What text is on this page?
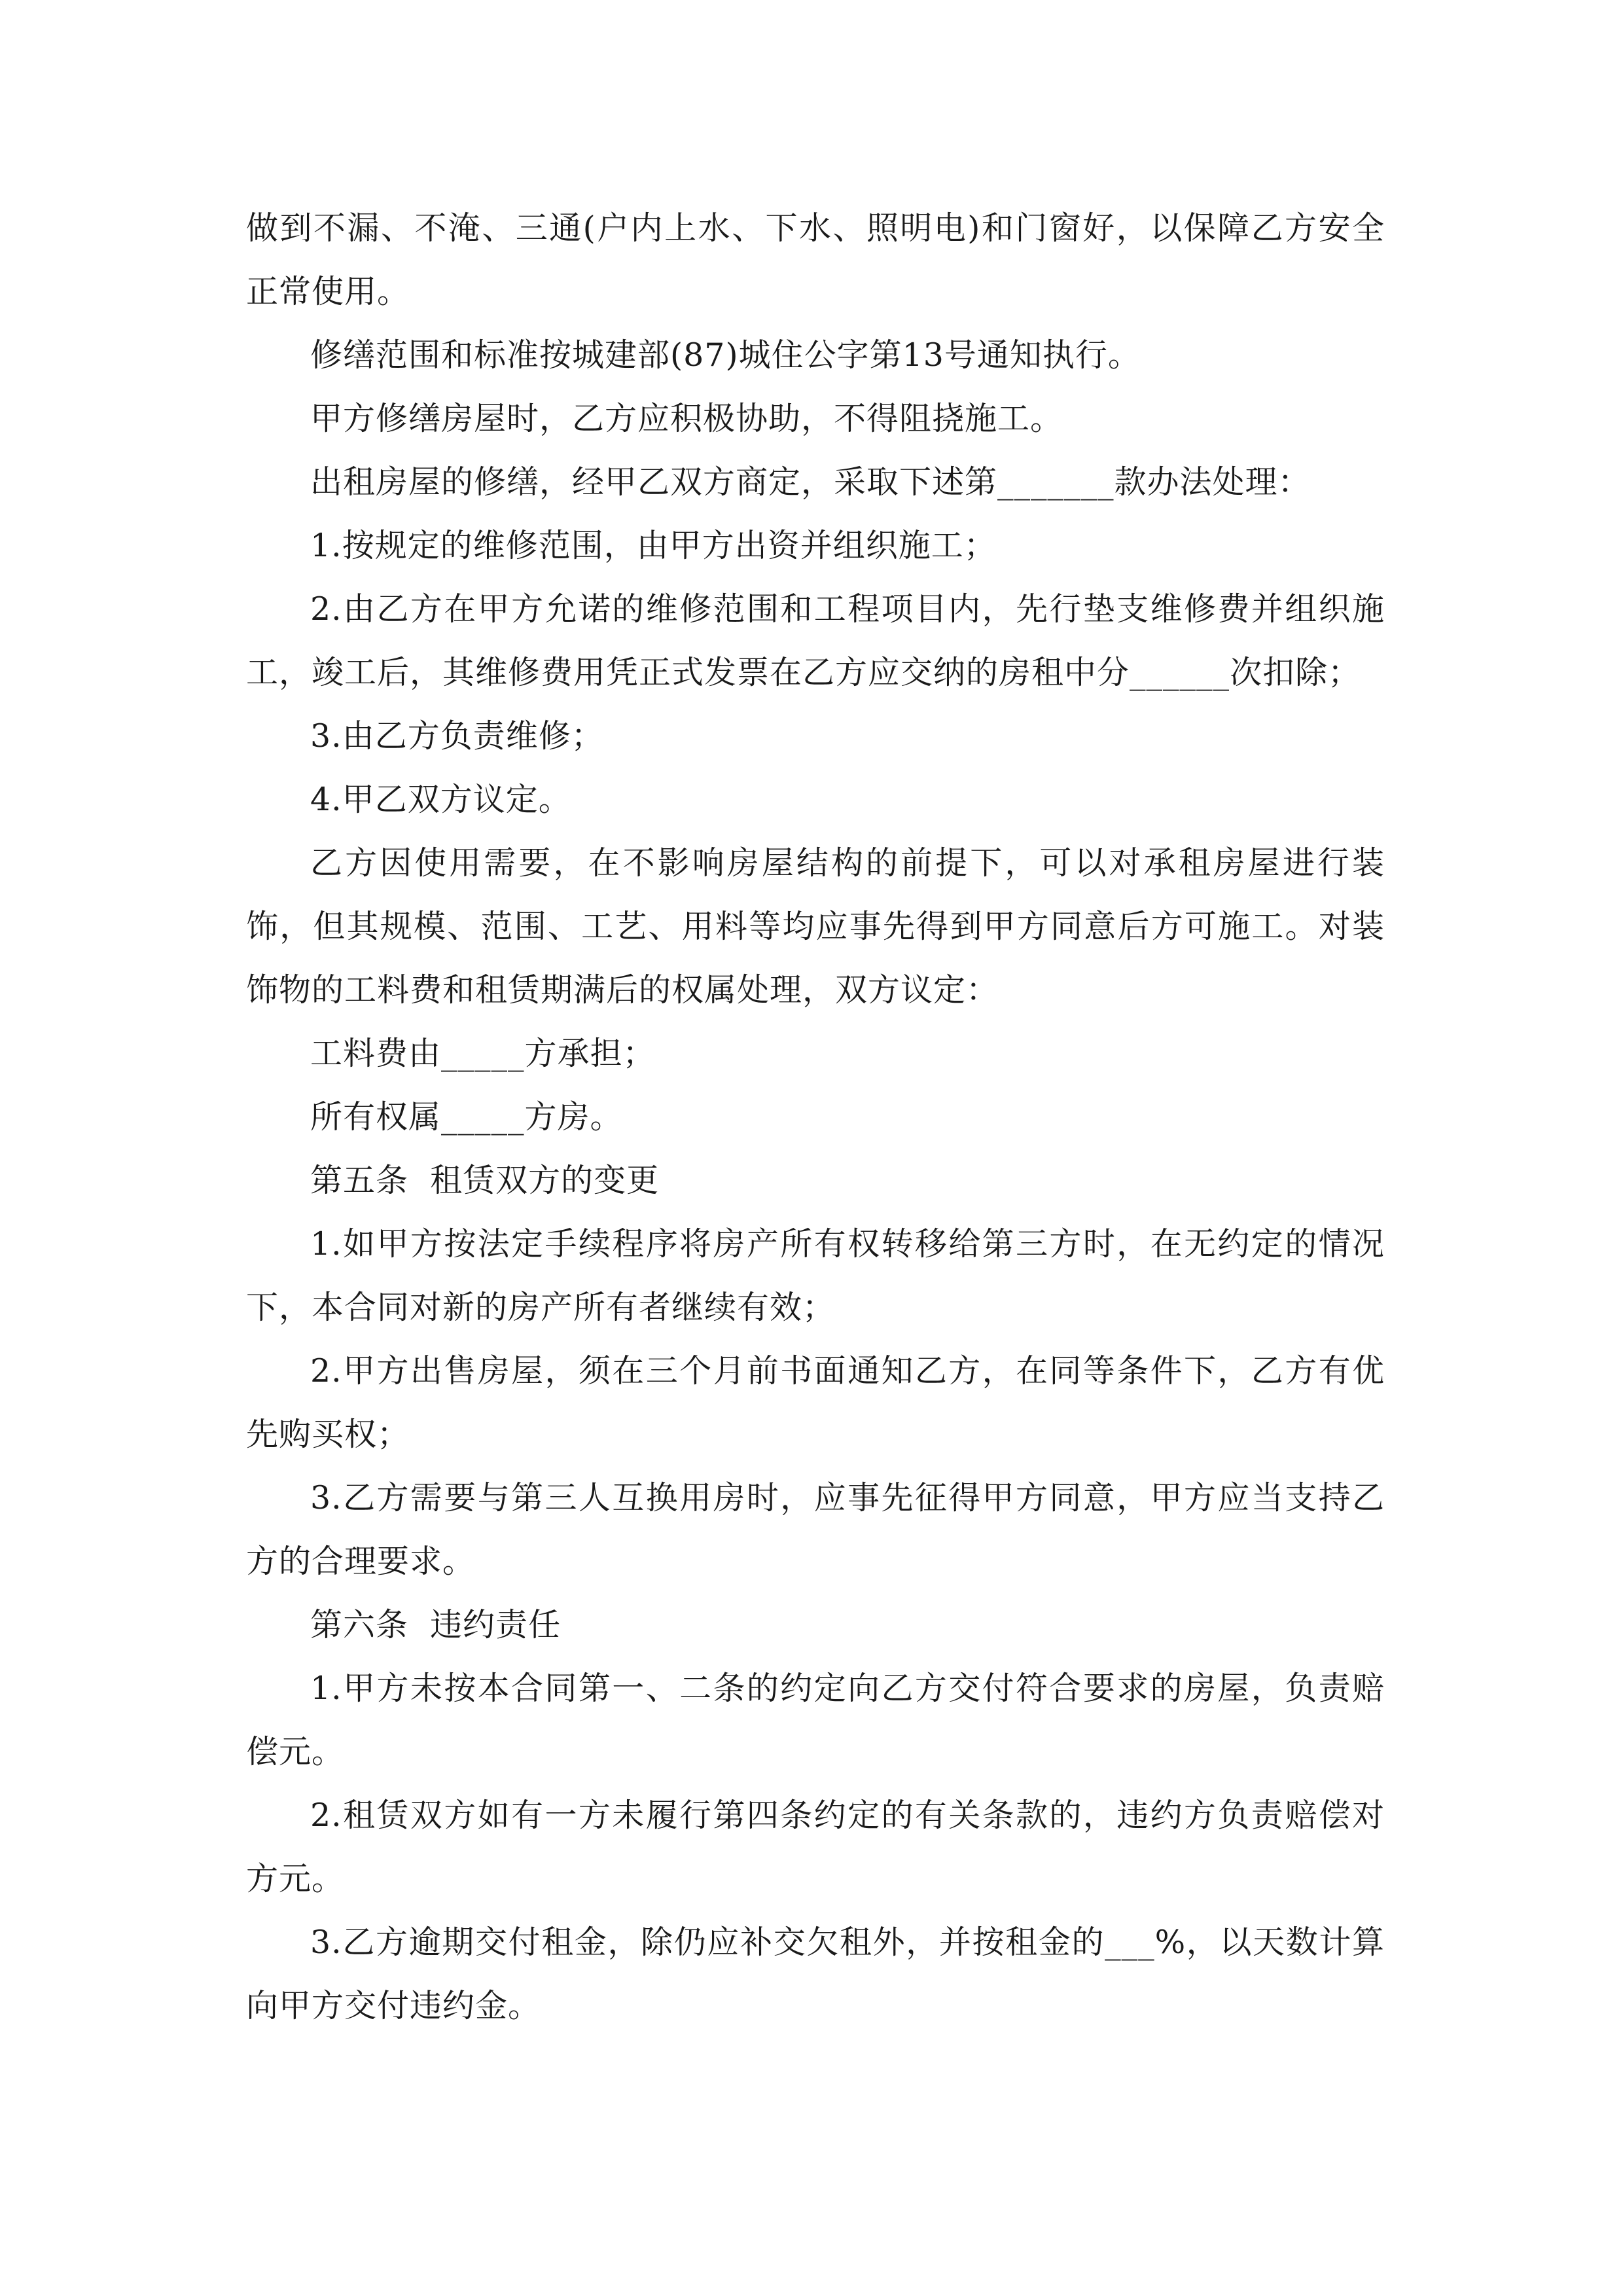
做到不漏、不淹、三通(户内上水、下水、照明电)和门窗好，以保障乙方安全正常使用。

修缮范围和标准按城建部(87)城住公字第13号通知执行。

甲方修缮房屋时，乙方应积极协助，不得阻挠施工。

出租房屋的修缮，经甲乙双方商定，采取下述第_______款办法处理：

1.按规定的维修范围，由甲方出资并组织施工；

2.由乙方在甲方允诺的维修范围和工程项目内，先行垫支维修费并组织施工，竣工后，其维修费用凭正式发票在乙方应交纳的房租中分______次扣除；

3.由乙方负责维修；

4.甲乙双方议定。

乙方因使用需要，在不影响房屋结构的前提下，可以对承租房屋进行装饰，但其规模、范围、工艺、用料等均应事先得到甲方同意后方可施工。对装饰物的工料费和租赁期满后的权属处理，双方议定：

工料费由_____方承担；

所有权属_____方房。

第五条  租赁双方的变更

1.如甲方按法定手续程序将房产所有权转移给第三方时，在无约定的情况下，本合同对新的房产所有者继续有效；

2.甲方出售房屋，须在三个月前书面通知乙方，在同等条件下，乙方有优先购买权；

3.乙方需要与第三人互换用房时，应事先征得甲方同意，甲方应当支持乙方的合理要求。

第六条  违约责任

1.甲方未按本合同第一、二条的约定向乙方交付符合要求的房屋，负责赔偿元。

2.租赁双方如有一方未履行第四条约定的有关条款的，违约方负责赔偿对方元。

3.乙方逾期交付租金，除仍应补交欠租外，并按租金的___%，以天数计算向甲方交付违约金。
